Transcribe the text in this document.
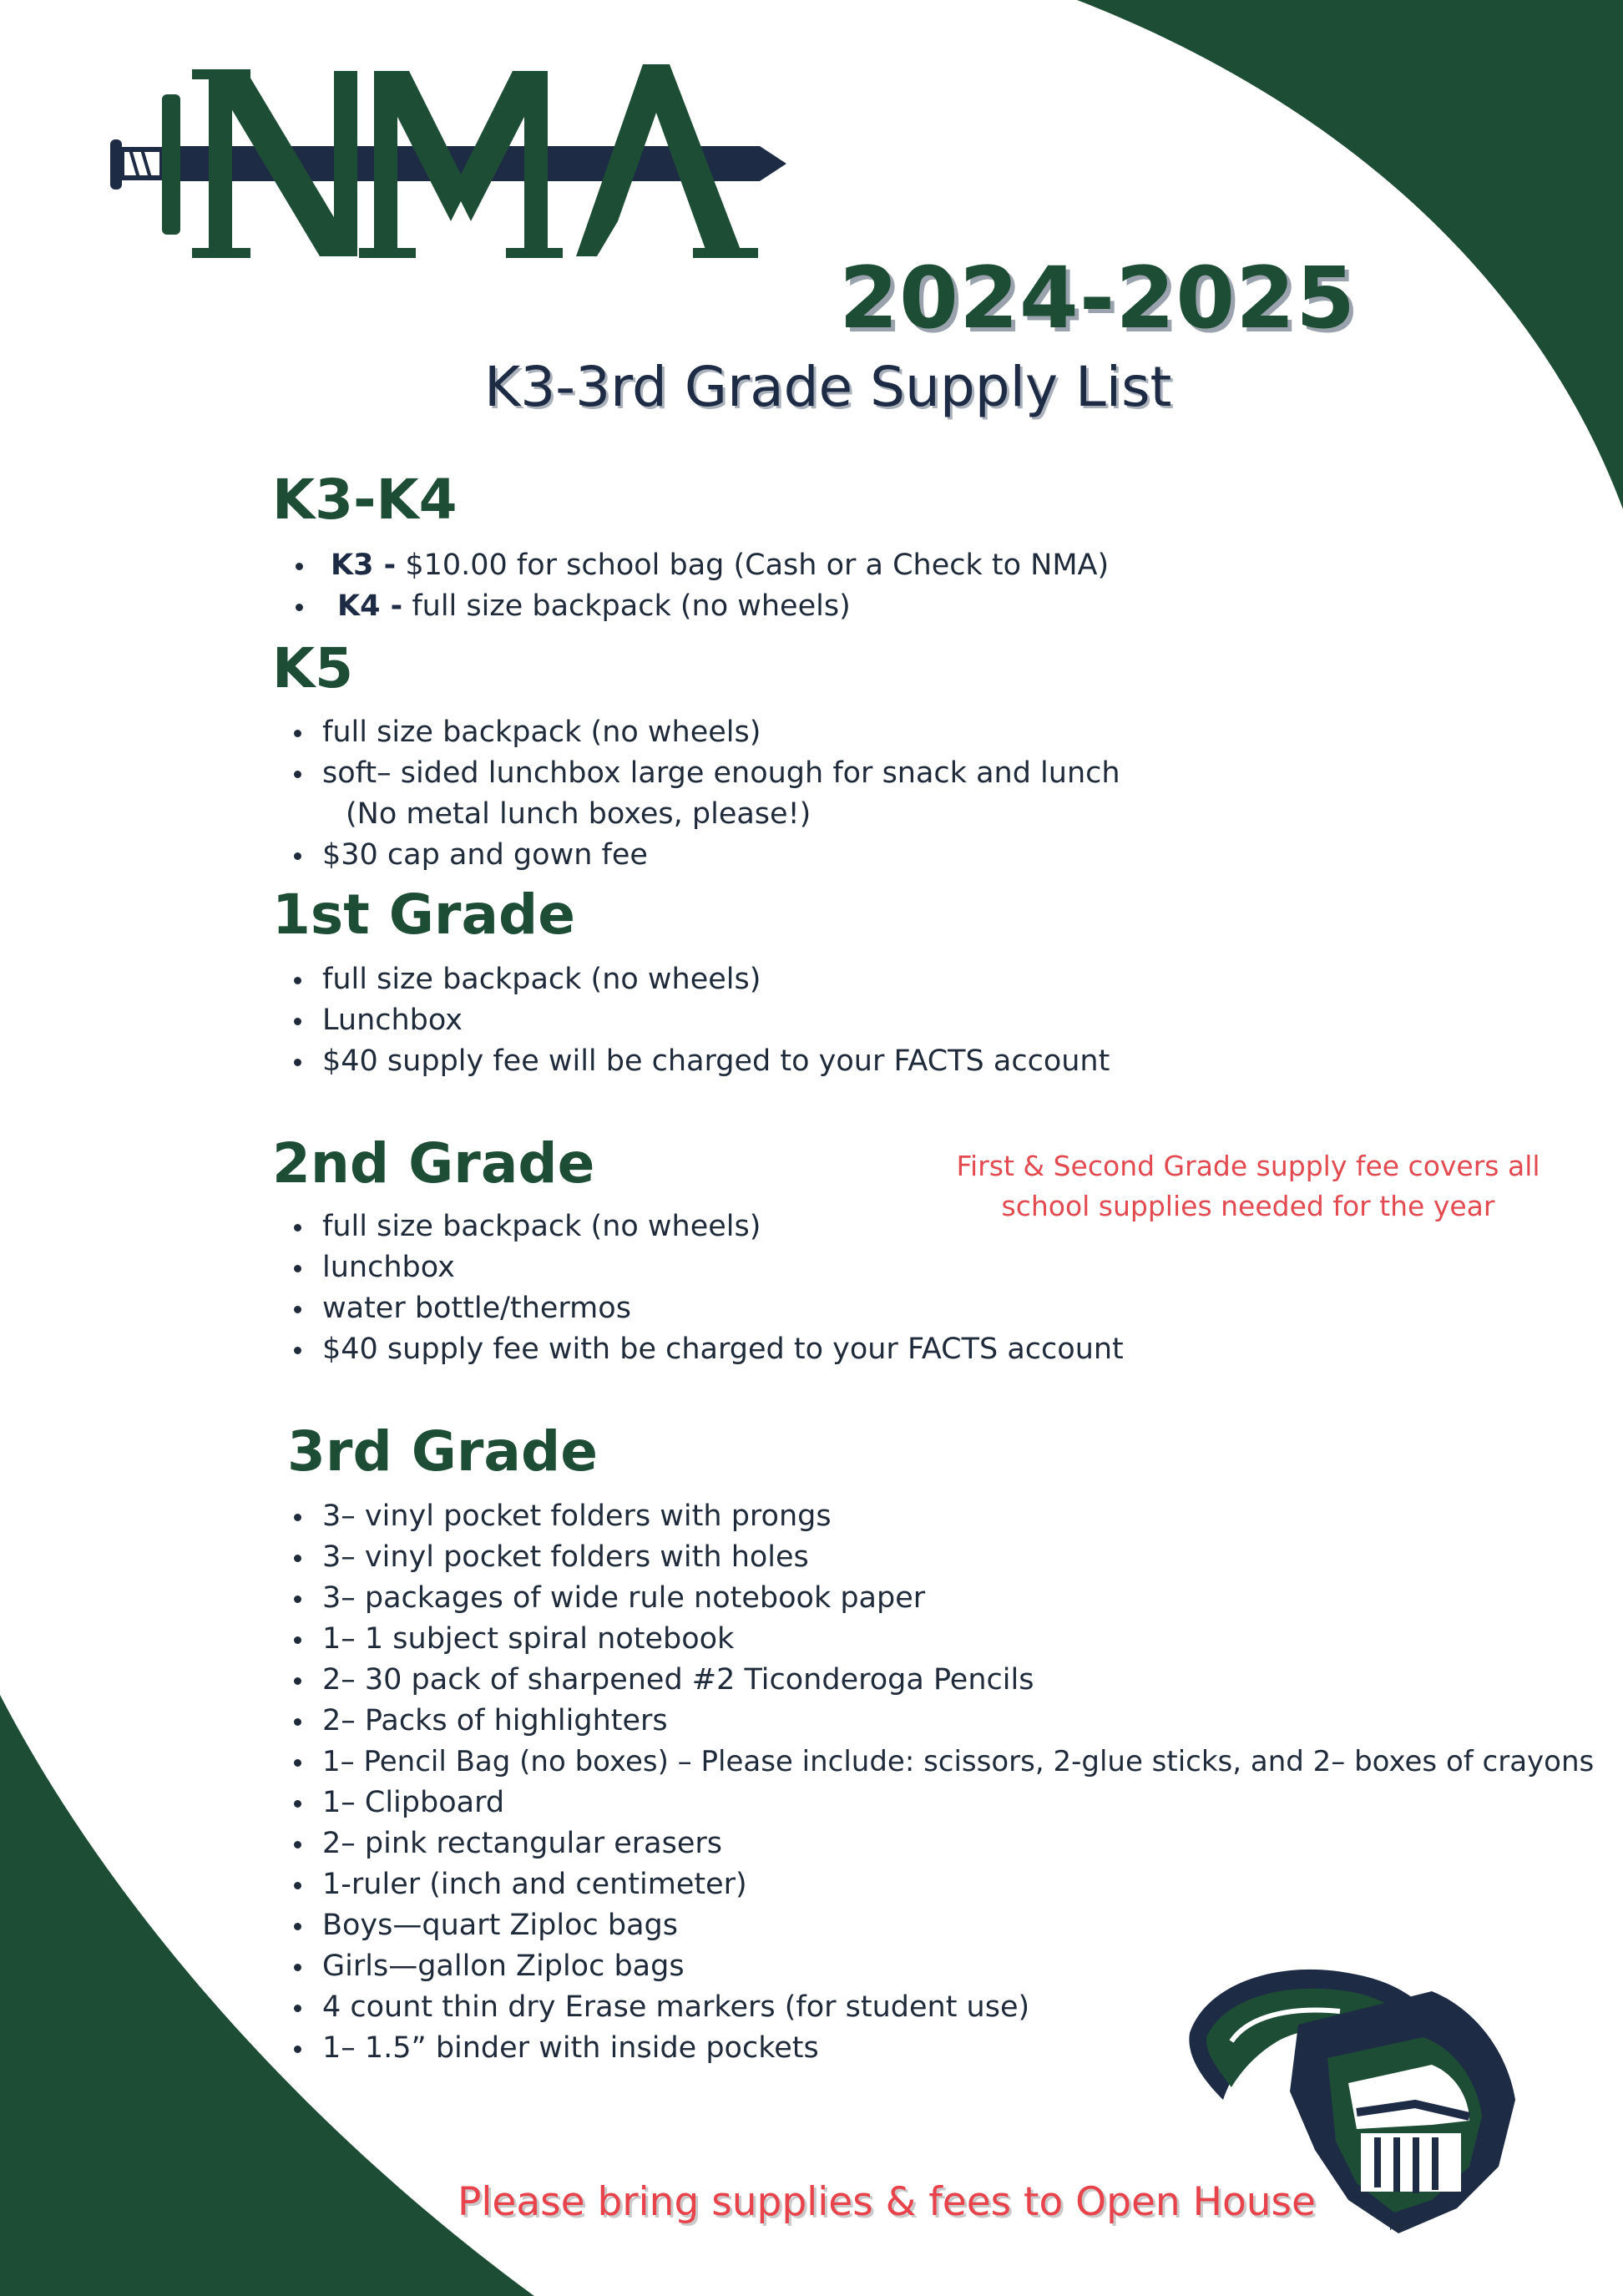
2024-2025
K3-3rd Grade Supply List
K3-K4
K3 - $10.00 for school bag (Cash or a Check to NMA)
K4 - full size backpack (no wheels)
K5
full size backpack (no wheels)
soft– sided lunchbox large enough for snack and lunch
(No metal lunch boxes, please!)
$30 cap and gown fee
1st Grade
full size backpack (no wheels)
Lunchbox
$40 supply fee will be charged to your FACTS account
2nd Grade
full size backpack (no wheels)
lunchbox
water bottle/thermos
$40 supply fee with be charged to your FACTS account
First & Second Grade supply fee covers all
school supplies needed for the year
3rd Grade
3– vinyl pocket folders with prongs
3– vinyl pocket folders with holes
3– packages of wide rule notebook paper
1– 1 subject spiral notebook
2– 30 pack of sharpened #2 Ticonderoga Pencils
2– Packs of highlighters
1– Pencil Bag (no boxes) – Please include: scissors, 2-glue sticks, and 2– boxes of crayons
1– Clipboard
2– pink rectangular erasers
1-ruler (inch and centimeter)
Boys—quart Ziploc bags
Girls—gallon Ziploc bags
4 count thin dry Erase markers (for student use)
1– 1.5” binder with inside pockets
TM
Please bring supplies & fees to Open House
